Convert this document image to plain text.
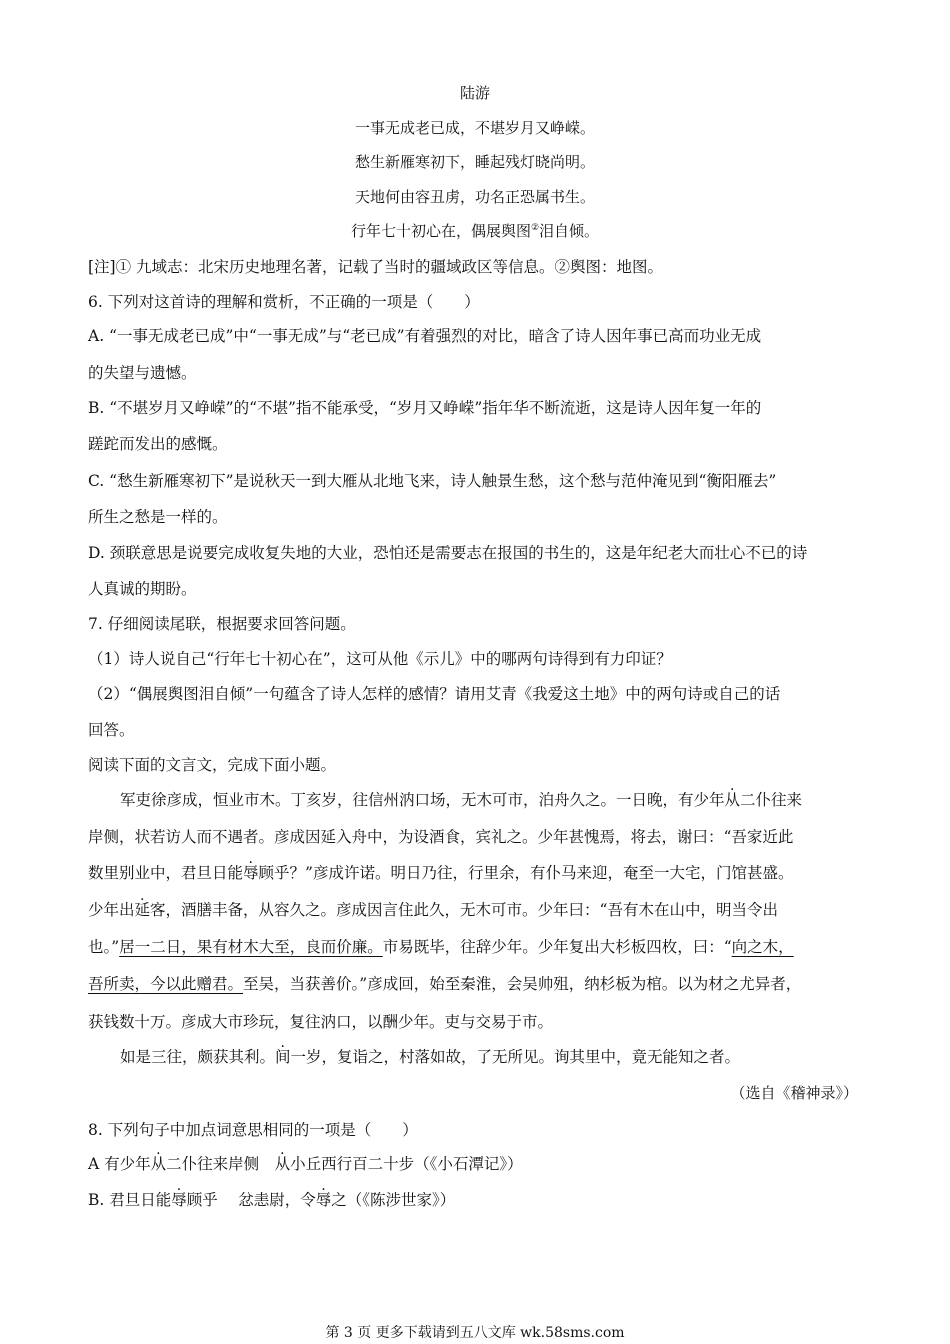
陆游
一事无成老已成，不堪岁月又峥嵘。
愁生新雁寒初下，睡起残灯晓尚明。
天地何由容丑虏，功名正恐属书生。
行年七十初心在，偶展舆图②泪自倾。
[注]① 九域志：北宋历史地理名著，记载了当时的疆域政区等信息。②舆图：地图。
6. 下列对这首诗的理解和赏析，不正确的一项是（　　）
A. “一事无成老已成”中“一事无成”与“老已成”有着强烈的对比，暗含了诗人因年事已高而功业无成
的失望与遗憾。
B. “不堪岁月又峥嵘”的“不堪”指不能承受，“岁月又峥嵘”指年华不断流逝，这是诗人因年复一年的
蹉跎而发出的感慨。
C. “愁生新雁寒初下”是说秋天一到大雁从北地飞来，诗人触景生愁，这个愁与范仲淹见到“衡阳雁去”
所生之愁是一样的。
D. 颈联意思是说要完成收复失地的大业，恐怕还是需要志在报国的书生的，这是年纪老大而壮心不已的诗
人真诚的期盼。
7. 仔细阅读尾联，根据要求回答问题。
（1）诗人说自己“行年七十初心在”，这可从他《示儿》中的哪两句诗得到有力印证？
（2）“偶展舆图泪自倾”一句蕴含了诗人怎样的感情？请用艾青《我爱这土地》中的两句诗或自己的话
回答。
阅读下面的文言文，完成下面小题。
军吏徐彦成，恒业市木。丁亥岁，往信州汭口场，无木可市，泊舟久之。一日晚，有少年从二仆往来
岸侧，状若访人而不遇者。彦成因延入舟中，为设酒食，宾礼之。少年甚愧焉，将去，谢曰：“吾家近此
数里别业中，君旦日能辱顾乎？”彦成许诺。明日乃往，行里余，有仆马来迎，奄至一大宅，门馆甚盛。
少年出延客，酒膳丰备，从容久之。彦成因言住此久，无木可市。少年曰：“吾有木在山中，明当令出
也。”居一二日，果有材木大至，良而价廉。市易既毕，往辞少年。少年复出大杉板四枚，曰：“向之木，
吾所卖，今以此赠君。至吴，当获善价。”彦成回，始至秦淮，会吴帅殂，纳杉板为棺。以为材之尤异者，
获钱数十万。彦成大市珍玩，复往汭口，以酬少年。吏与交易于市。
如是三往，颇获其利。间一岁，复诣之，村落如故，了无所见。询其里中，竟无能知之者。
（选自《稽神录》）
8. 下列句子中加点词意思相同的一项是（　　）
A 有少年从二仆往来岸侧　从小丘西行百二十步（《小石潭记》）
B. 君旦日能辱顾乎　 忿恚尉，令辱之（《陈涉世家》）
第 3 页 更多下载请到五八文库 wk.58sms.com
